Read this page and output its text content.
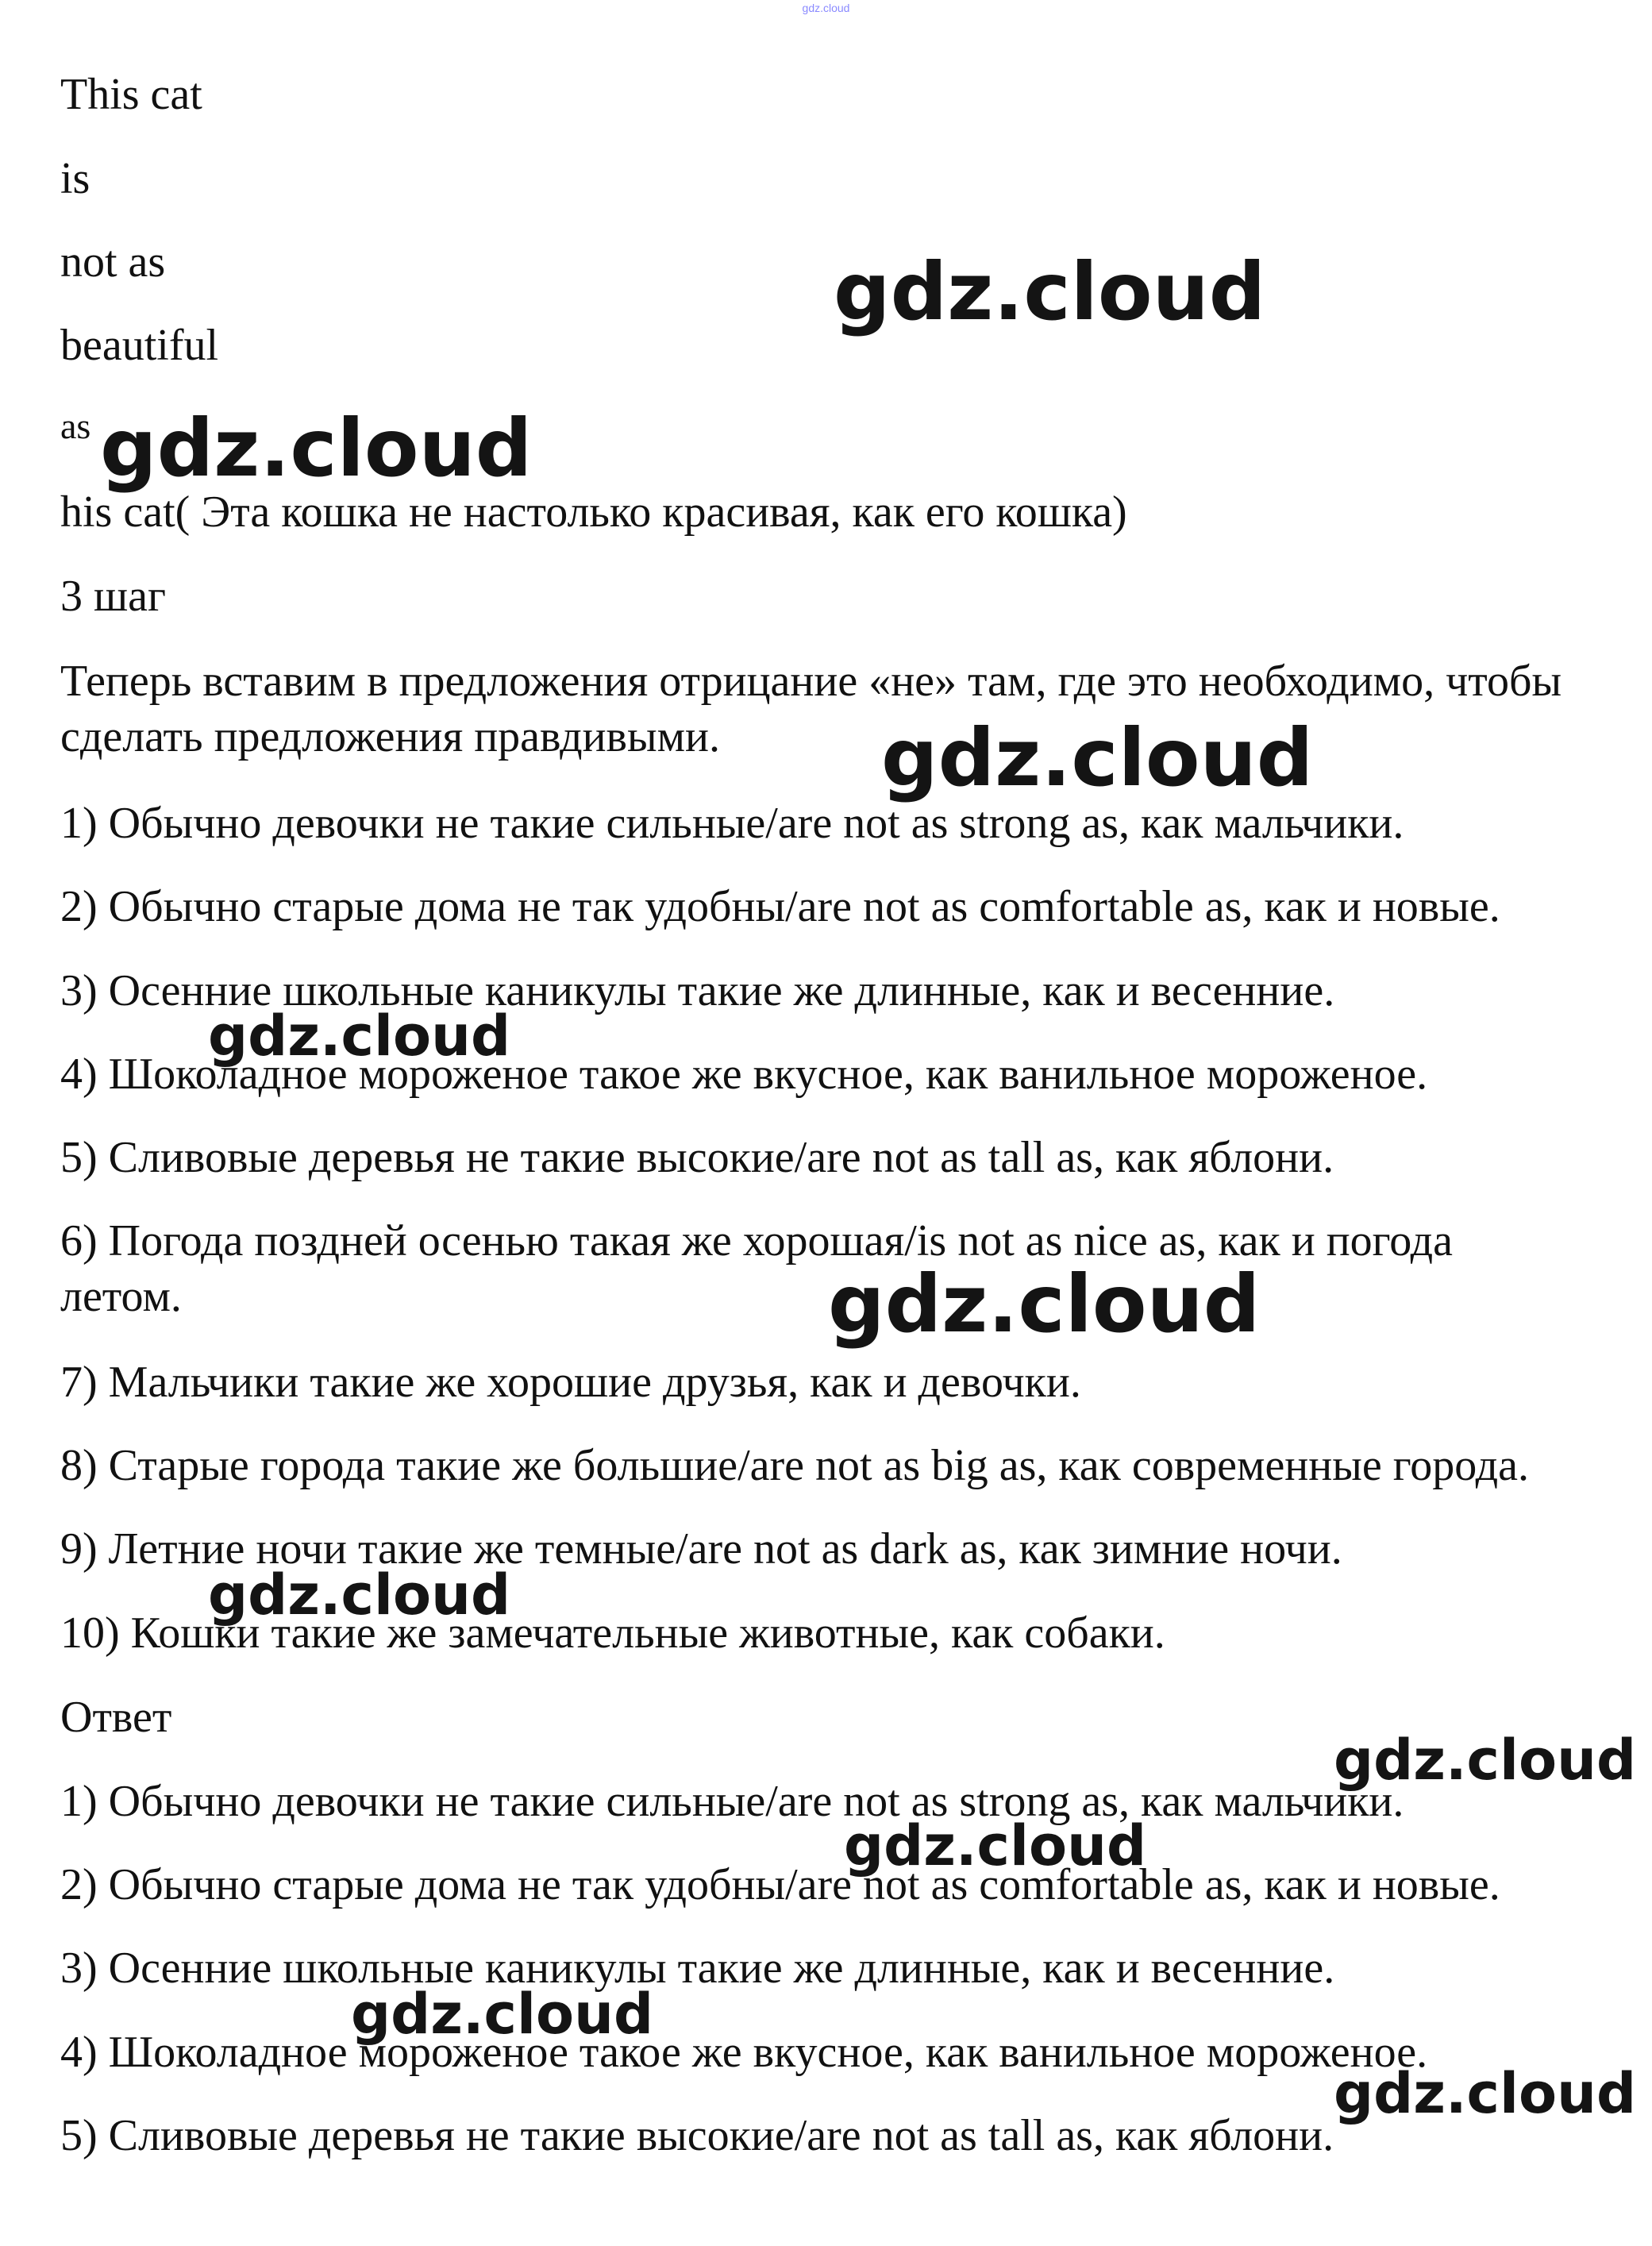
gdz.cloud
This cat
is
not as
beautiful
as
his cat( Эта кошка не настолько красивая, как его кошка)
3 шаг
Теперь вставим в предложения отрицание «не» там, где это необходимо, чтобы сделать предложения правдивыми.
1) Обычно девочки не такие сильные/are not as strong as, как мальчики.
2) Обычно старые дома не так удобны/are not as comfortable as, как и новые.
3) Осенние школьные каникулы такие же длинные, как и весенние.
4) Шоколадное мороженое такое же вкусное, как ванильное мороженое.
5) Сливовые деревья не такие высокие/are not as tall as, как яблони.
6) Погода поздней осенью такая же хорошая/is not as nice as, как и погода летом.
7) Мальчики такие же хорошие друзья, как и девочки.
8) Старые города такие же большие/are not as big as, как современные города.
9) Летние ночи такие же темные/are not as dark as, как зимние ночи.
10) Кошки такие же замечательные животные, как собаки.
Ответ
1) Обычно девочки не такие сильные/are not as strong as, как мальчики.
2) Обычно старые дома не так удобны/are not as comfortable as, как и новые.
3) Осенние школьные каникулы такие же длинные, как и весенние.
4) Шоколадное мороженое такое же вкусное, как ванильное мороженое.
5) Сливовые деревья не такие высокие/are not as tall as, как яблони.
gdz.cloud
gdz.cloud
gdz.cloud
gdz.cloud
gdz.cloud
gdz.cloud
gdz.cloud
gdz.cloud
gdz.cloud
gdz.cloud
